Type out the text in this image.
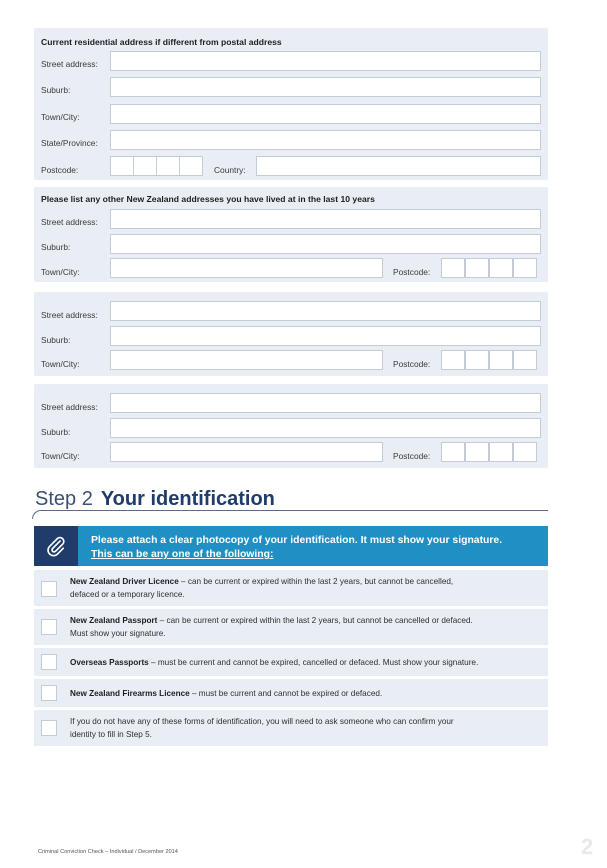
Current residential address if different from postal address
Street address:
Suburb:
Town/City:
State/Province:
Postcode:	Country:
Please list any other New Zealand addresses you have lived at in the last 10 years
Street address:
Suburb:
Town/City:	Postcode:
Street address:
Suburb:
Town/City:	Postcode:
Street address:
Suburb:
Town/City:	Postcode:
Step 2 Your identification
Please attach a clear photocopy of your identification. It must show your signature.
This can be any one of the following:
New Zealand Driver Licence – can be current or expired within the last 2 years, but cannot be cancelled,
defaced or a temporary licence.
New Zealand Passport – can be current or expired within the last 2 years, but cannot be cancelled or defaced.
Must show your signature.
Overseas Passports – must be current and cannot be expired, cancelled or defaced. Must show your signature.
New Zealand Firearms Licence – must be current and cannot be expired or defaced.
If you do not have any of these forms of identification, you will need to ask someone who can confirm your
identity to fill in Step 5.
Criminal Conviction Check – Individual / December 2014	2
